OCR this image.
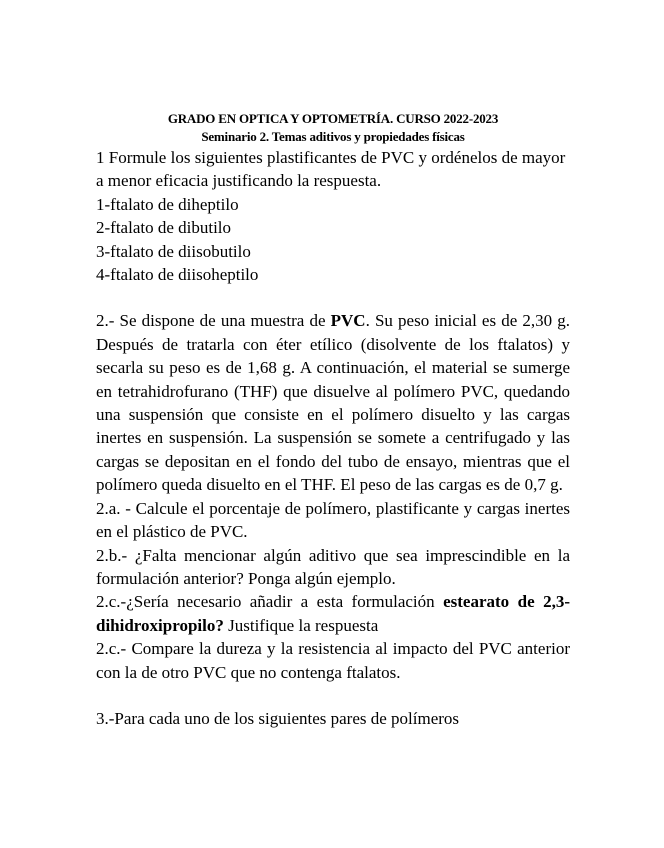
GRADO EN OPTICA Y OPTOMETRÍA. CURSO 2022-2023
Seminario 2. Temas aditivos y propiedades físicas

1 Formule los siguientes plastificantes de PVC y ordénelos de mayor a menor eficacia justificando la respuesta.

1-ftalato de diheptilo

2-ftalato de dibutilo

3-ftalato de diisobutilo

4-ftalato de diisoheptilo

2.- Se dispone de una muestra de PVC. Su peso inicial es de 2,30 g. Después de tratarla con éter etílico (disolvente de los ftalatos) y secarla su peso es de 1,68 g. A continuación, el material se sumerge en tetrahidrofurano (THF) que disuelve al polímero PVC, quedando una suspensión que consiste en el polímero disuelto y las cargas inertes en suspensión. La suspensión se somete a centrifugado y las cargas se depositan en el fondo del tubo de ensayo, mientras que el polímero queda disuelto en el THF. El peso de las cargas es de 0,7 g.

2.a. - Calcule el porcentaje de polímero, plastificante y cargas inertes en el plástico de PVC.

2.b.- ¿Falta mencionar algún aditivo que sea imprescindible en la formulación anterior? Ponga algún ejemplo.

2.c.-¿Sería necesario añadir a esta formulación estearato de 2,3-dihidroxipropilo? Justifique la respuesta

2.c.- Compare la dureza y la resistencia al impacto del PVC anterior con la de otro PVC que no contenga ftalatos.

3.-Para cada uno de los siguientes pares de polímeros
